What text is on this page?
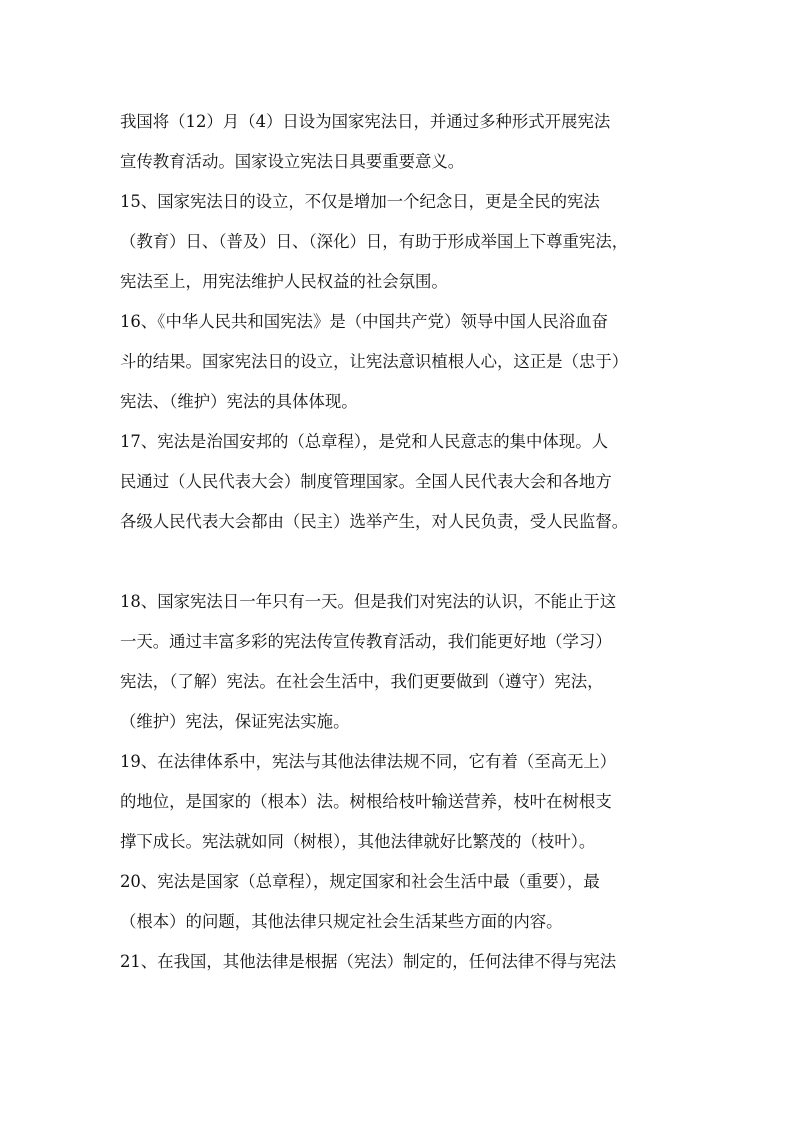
我国将（12）月（4）日设为国家宪法日，并通过多种形式开展宪法
宣传教育活动。国家设立宪法日具要重要意义。
15、国家宪法日的设立，不仅是增加一个纪念日，更是全民的宪法
（教育）日、（普及）日、（深化）日，有助于形成举国上下尊重宪法，
宪法至上，用宪法维护人民权益的社会氛围。
16、《中华人民共和国宪法》是（中国共产党）领导中国人民浴血奋
斗的结果。国家宪法日的设立，让宪法意识植根人心，这正是（忠于）
宪法、（维护）宪法的具体体现。
17、宪法是治国安邦的（总章程），是党和人民意志的集中体现。人
民通过（人民代表大会）制度管理国家。全国人民代表大会和各地方
各级人民代表大会都由（民主）选举产生，对人民负责，受人民监督。
18、国家宪法日一年只有一天。但是我们对宪法的认识，不能止于这
一天。通过丰富多彩的宪法传宣传教育活动，我们能更好地（学习）
宪法，（了解）宪法。在社会生活中，我们更要做到（遵守）宪法，
（维护）宪法，保证宪法实施。
19、在法律体系中，宪法与其他法律法规不同，它有着（至高无上）
的地位，是国家的（根本）法。树根给枝叶输送营养，枝叶在树根支
撑下成长。宪法就如同（树根），其他法律就好比繁茂的（枝叶）。
20、宪法是国家（总章程），规定国家和社会生活中最（重要），最
（根本）的问题，其他法律只规定社会生活某些方面的内容。
21、在我国，其他法律是根据（宪法）制定的，任何法律不得与宪法
